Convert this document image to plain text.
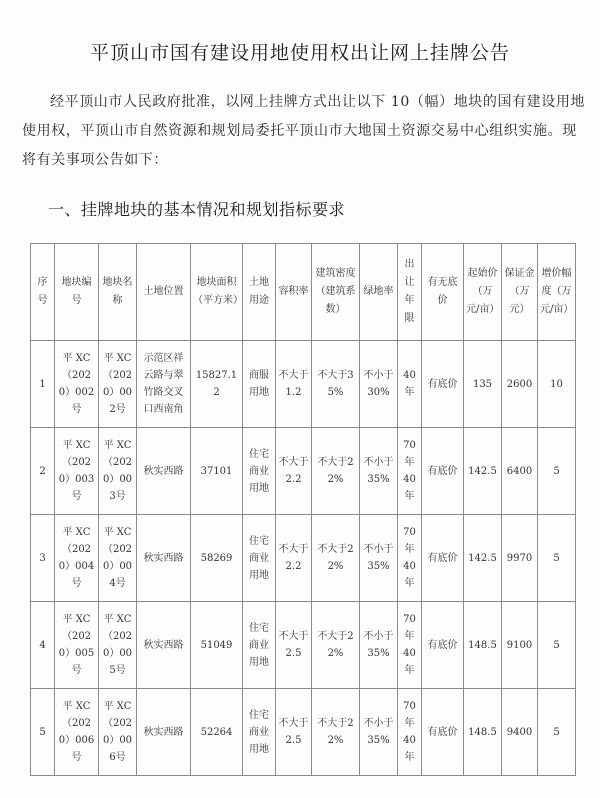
平顶山市国有建设用地使用权出让网上挂牌公告
经平顶山市人民政府批准，以网上挂牌方式出让以下 10（幅）地块的国有建设用地使用权，平顶山市自然资源和规划局委托平顶山市大地国土资源交易中心组织实施。现将有关事项公告如下：
一、挂牌地块的基本情况和规划指标要求
序号	地块编号	地块名称	土地位置	地块面积（平方米）	土地用途	容积率	建筑密度（建筑系数）	绿地率	出让年限	有无底价	起始价（万元/亩）	保证金（万元）	增价幅度（万元/亩）
1	平 XC（2020）002号	平 XC（2020）002号	示范区祥云路与翠竹路交叉口西南角	15827.12	商服用地	不大于 1.2	不大于35%	不小于 30%	40年	有底价	135	2600	10
2	平 XC（2020）003号	平 XC（2020）003号	秋实西路	37101	住宅商业用地	不大于 2.2	不大于22%	不小于 35%	70年 40年	有底价	142.5	6400	5
3	平 XC（2020）004号	平 XC（2020）004号	秋实西路	58269	住宅商业用地	不大于 2.2	不大于22%	不小于 35%	70年 40年	有底价	142.5	9970	5
4	平 XC（2020）005号	平 XC（2020）005号	秋实西路	51049	住宅商业用地	不大于 2.5	不大于22%	不小于 35%	70年 40年	有底价	148.5	9100	5
5	平 XC（2020）006号	平 XC（2020）006号	秋实西路	52264	住宅商业用地	不大于 2.5	不大于22%	不小于 35%	70年 40年	有底价	148.5	9400	5
